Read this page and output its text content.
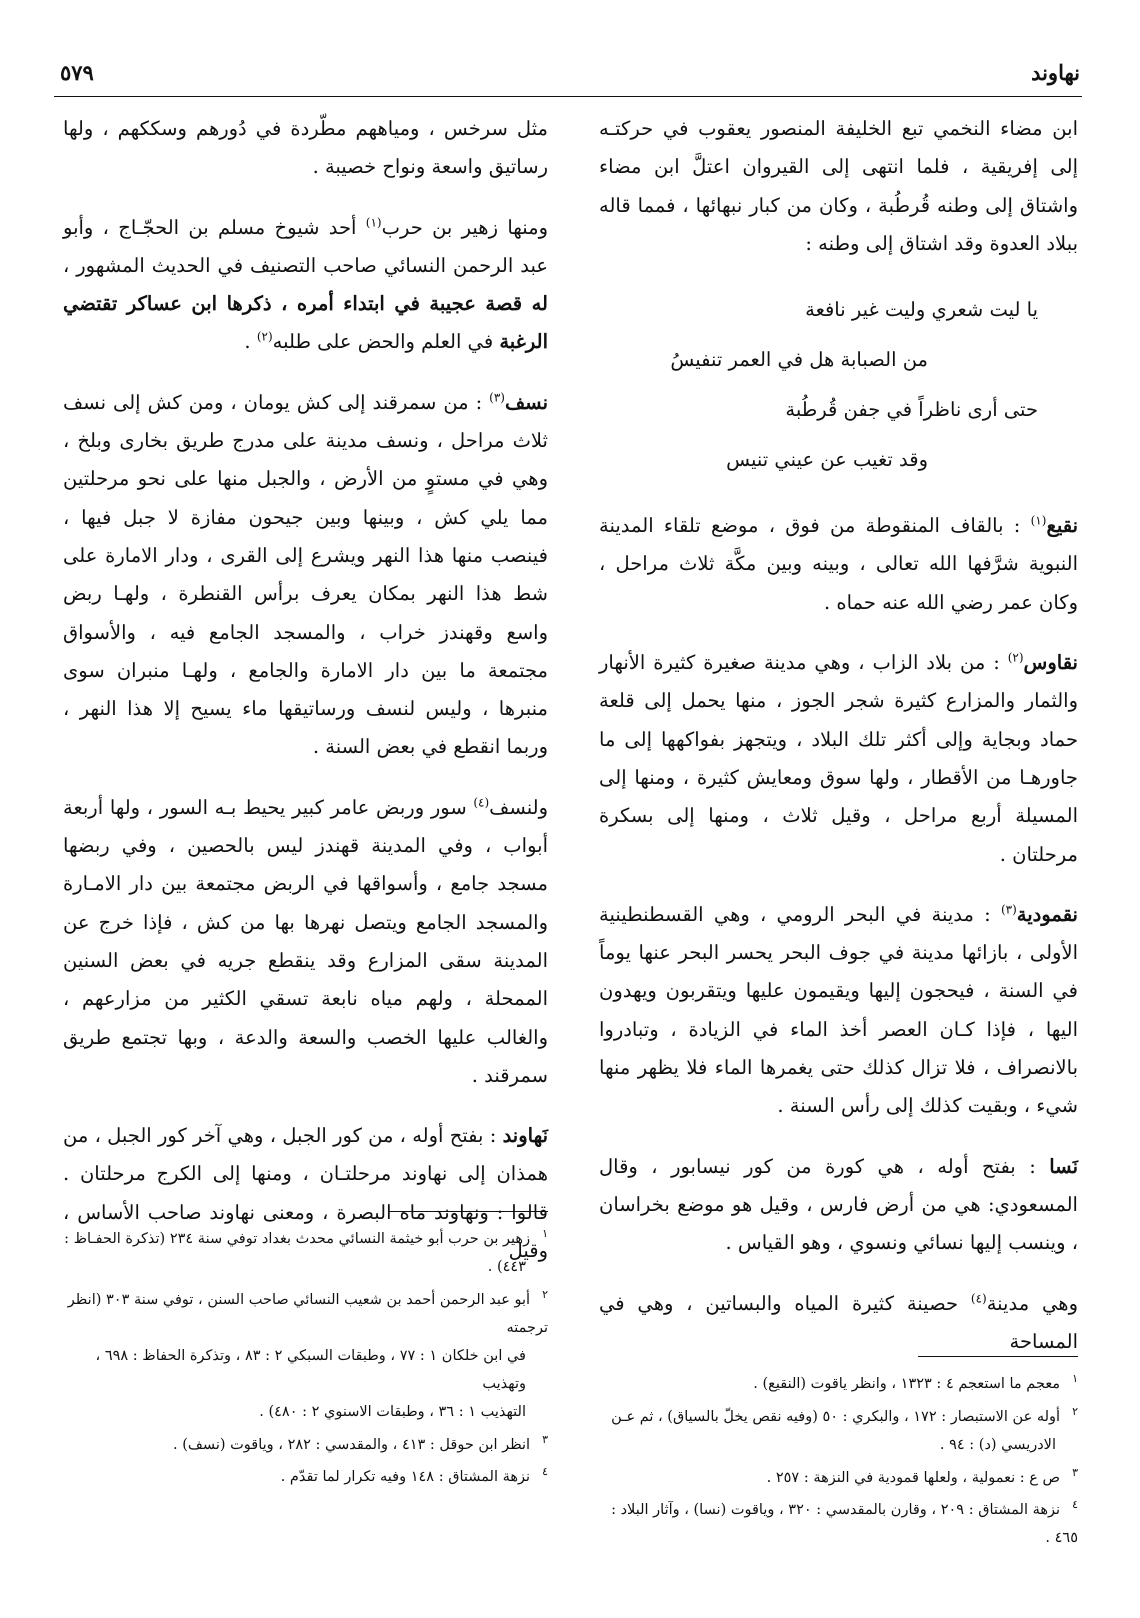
نهاوند
٥٧٩

ابن مضاء النخمي تبع الخليفة المنصور يعقوب في حركتـه إلى إفريقية ، فلما انتهى إلى القيروان اعتلَّ ابن مضاء واشتاق إلى وطنه قُرطُبة ، وكان من كبار نبهائها ، فمما قاله ببلاد العدوة وقد اشتاق إلى وطنه :

يا ليت شعري وليت غير نافعة
من الصبابة هل في العمر تنفيسُ
حتى أرى ناظراً في جفن قُرطُبة
وقد تغيب عن عيني تنيس

نقيع$^{(١)}$ : بالقاف المنقوطة من فوق ، موضع تلقاء المدينة النبوية شرَّفها الله تعالى ، وبينه وبين مكَّة ثلاث مراحل ، وكان عمر رضي الله عنه حماه .

نقاوس$^{(٢)}$ : من بلاد الزاب ، وهي مدينة صغيرة كثيرة الأنهار والثمار والمزارع كثيرة شجر الجوز ، منها يحمل إلى قلعة حماد وبجاية وإلى أكثر تلك البلاد ، ويتجهز بفواكهها إلى ما جاورهـا من الأقطار ، ولها سوق ومعايش كثيرة ، ومنها إلى المسيلة أربع مراحل ، وقيل ثلاث ، ومنها إلى بسكرة مرحلتان .

نقمودية$^{(٣)}$ : مدينة في البحر الرومي ، وهي القسطنطينية الأولى ، بازائها مدينة في جوف البحر يحسر البحر عنها يوماً في السنة ، فيحجون إليها ويقيمون عليها ويتقربون ويهدون اليها ، فإذا كـان العصر أخذ الماء في الزيادة ، وتبادروا بالانصراف ، فلا تزال كذلك حتى يغمرها الماء فلا يظهر منها شيء ، وبقيت كذلك إلى رأس السنة .

نَسا : بفتح أوله ، هي كورة من كور نيسابور ، وقال المسعودي: هي من أرض فارس ، وقيل هو موضع بخراسان ، وينسب إليها نسائي ونسوي ، وهو القياس .

وهي مدينة$^{(٤)}$ حصينة كثيرة المياه والبساتين ، وهي في المساحة

مثل سرخس ، ومياههم مطّردة في دُورهم وسككهم ، ولها رساتيق واسعة ونواح خصيبة .

ومنها زهير بن حرب$^{(١)}$ أحد شيوخ مسلم بن الحجّـاج ، وأبو عبد الرحمن النسائي صاحب التصنيف في الحديث المشهور ، له قصة عجيبة في ابتداء أمره ، ذكرها ابن عساكر تقتضي الرغبة في العلم والحض على طلبه$^{(٢)}$ .

نسف$^{(٣)}$ : من سمرقند إلى كش يومان ، ومن كش إلى نسف ثلاث مراحل ، ونسف مدينة على مدرج طريق بخارى وبلخ ، وهي في مستوٍ من الأرض ، والجبل منها على نحو مرحلتين مما يلي كش ، وبينها وبين جيحون مفازة لا جبل فيها ، فينصب منها هذا النهر ويشرع إلى القرى ، ودار الامارة على شط هذا النهر بمكان يعرف برأس القنطرة ، ولهـا ربض واسع وقهندز خراب ، والمسجد الجامع فيه ، والأسواق مجتمعة ما بين دار الامارة والجامع ، ولهـا منبران سوى منبرها ، وليس لنسف ورساتيقها ماء يسيح إلا هذا النهر ، وربما انقطع في بعض السنة .

ولنسف$^{(٤)}$ سور وربض عامر كبير يحيط بـه السور ، ولها أربعة أبواب ، وفي المدينة قهندز ليس بالحصين ، وفي ربضها مسجد جامع ، وأسواقها في الربض مجتمعة بين دار الامـارة والمسجد الجامع ويتصل نهرها بها من كش ، فإذا خرج عن المدينة سقى المزارع وقد ينقطع جريه في بعض السنين الممحلة ، ولهم مياه نابعة تسقي الكثير من مزارعهم ، والغالب عليها الخصب والسعة والدعة ، وبها تجتمع طريق سمرقند .

نَهاوند : بفتح أوله ، من كور الجبل ، وهي آخر كور الجبل ، من همذان إلى نهاوند مرحلتـان ، ومنها إلى الكرج مرحلتان . قالوا : ونهاوند ماه البصرة ، ومعنى نهاوند صاحب الأساس ، وقيل

$^١$زهير بن حرب أبو خيثمة النسائي محدث بغداد توفي سنة ٢٣٤ (تذكرة الحفـاظ :
٤٤٣) .
$^٢$أبو عبد الرحمن أحمد بن شعيب النسائي صاحب السنن ، توفي سنة ٣٠٣ (انظر ترجمته
في ابن خلكان ١ : ٧٧ ، وطبقات السبكي ٢ : ٨٣ ، وتذكرة الحفاظ : ٦٩٨ ، وتهذيب
التهذيب ١ : ٣٦ ، وطبقات الاسنوي ٢ : ٤٨٠) .
$^٣$انظر ابن حوقل : ٤١٣ ، والمقدسي : ٢٨٢ ، وياقوت (نسف) .
$^٤$نزهة المشتاق : ١٤٨ وفيه تكرار لما تقدّم .
$^١$معجم ما استعجم ٤ : ١٣٢٣ ، وانظر ياقوت (النقيع) .
$^٢$أوله عن الاستبصار : ١٧٢ ، والبكري : ٥٠ (وفيه نقص يخلّ بالسياق) ، ثم عـن
الادريسي (د) : ٩٤ .
$^٣$ص ع : نعمولية ، ولعلها قمودية في النزهة : ٢٥٧ .
$^٤$نزهة المشتاق : ٢٠٩ ، وقارن بالمقدسي : ٣٢٠ ، وياقوت (نسا) ، وآثار البلاد : ٤٦٥ .
